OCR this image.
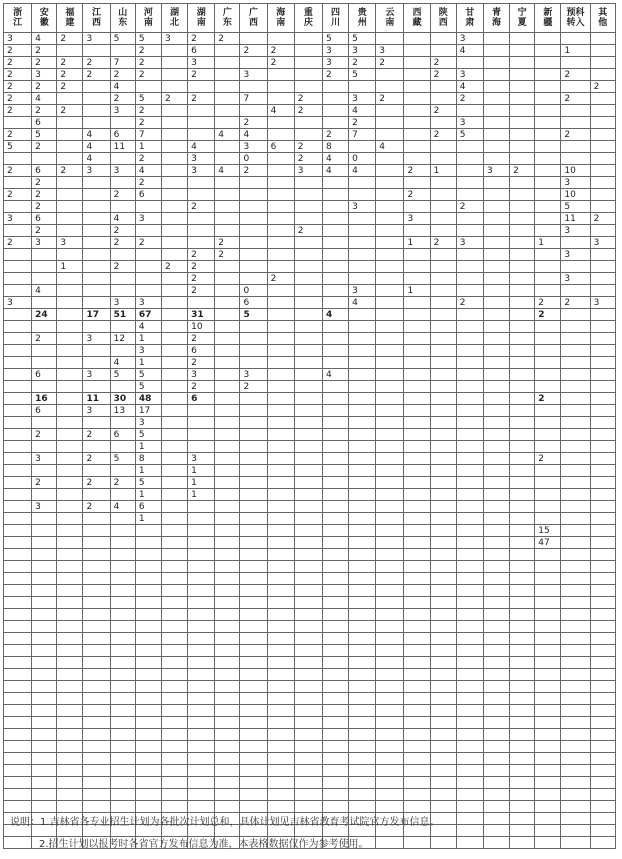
浙江	安徽	福建	江西	山东	河南	湖北	湖南	广东	广西	海南	重庆	四川	贵州	云南	西藏	陕西	甘肃	青海	宁夏	新疆	预科转入	其他
3	4	2	3	5	5	3	2	2				5	5				3					
2	2				2		6		2	2		3	3	3			4				1	
2	2	2	2	7	2		3			2		3	2	2		2						
2	3	2	2	2	2		2		3			2	5			2	3				2	
2	2	2		4													4					2
2	4			2	5	2	2		7		2		3	2			2				2	
2	2	2		3	2					4	2		4			2						
	6				2				2				2				3					
2	5		4	6	7			4	4			2	7			2	5				2	
5	2		4	11	1		4		3	6	2	8		4								
			4		2		3		0		2	4	0									
2	6	2	3	3	4		3	4	2		3	4	4		2	1		3	2		10	
	2				2																3	
2	2			2	6										2						10	
	2						2						3				2				5	
3	6			4	3										3						11	2
	2			2							2										3	
2	3	3		2	2			2							1	2	3			1		3
							2	2													3	
		1		2		2	2															
							2			2											3	
	4						2		0				3		1							
3				3	3				6				4				2			2	2	3
	24		17	51	67		31		5			4								2		
					4		10															
	2		3	12	1		2															
					3		6															
				4	1		2															
	6		3	5	5		3		3			4										
					5		2		2													
	16		11	30	48		6													2		
	6		3	13	17																	
					3																	
	2		2	6	5																	
					1																	
	3		2	5	8		3													2		
					1		1															
	2		2	2	5		1															
					1		1															
	3		2	4	6																	
					1																	
																				15		
																				47		

说明：1.吉林省各专业招生计划为各批次计划总和，具体计划见吉林省教育考试院官方发布信息。
2.招生计划以报考时各省官方发布信息为准，本表格数据仅作为参考使用。
